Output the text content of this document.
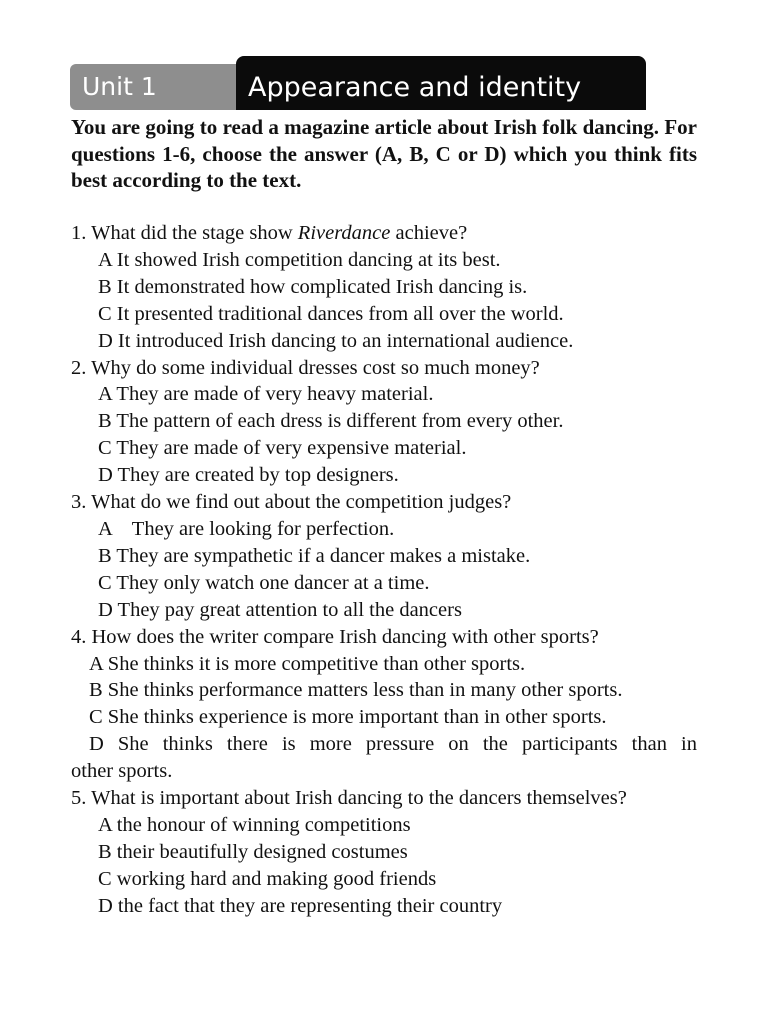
Unit 1	Appearance and identity

You are going to read a magazine article about Irish folk dancing. For questions 1-6, choose the answer (A, B, C or D) which you think fits best according to the text.

1. What did the stage show Riverdance achieve?
A It showed Irish competition dancing at its best.
B It demonstrated how complicated Irish dancing is.
C It presented traditional dances from all over the world.
D It introduced Irish dancing to an international audience.
2. Why do some individual dresses cost so much money?
A They are made of very heavy material.
B The pattern of each dress is different from every other.
C They are made of very expensive material.
D They are created by top designers.
3. What do we find out about the competition judges?
A    They are looking for perfection.
B They are sympathetic if a dancer makes a mistake.
C They only watch one dancer at a time.
D They pay great attention to all the dancers
4. How does the writer compare Irish dancing with other sports?
A She thinks it is more competitive than other sports.
B She thinks performance matters less than in many other sports.
C She thinks experience is more important than in other sports.
D She thinks there is more pressure on the participants than in
other sports.
5. What is important about Irish dancing to the dancers themselves?
A the honour of winning competitions
B their beautifully designed costumes
C working hard and making good friends
D the fact that they are representing their country
